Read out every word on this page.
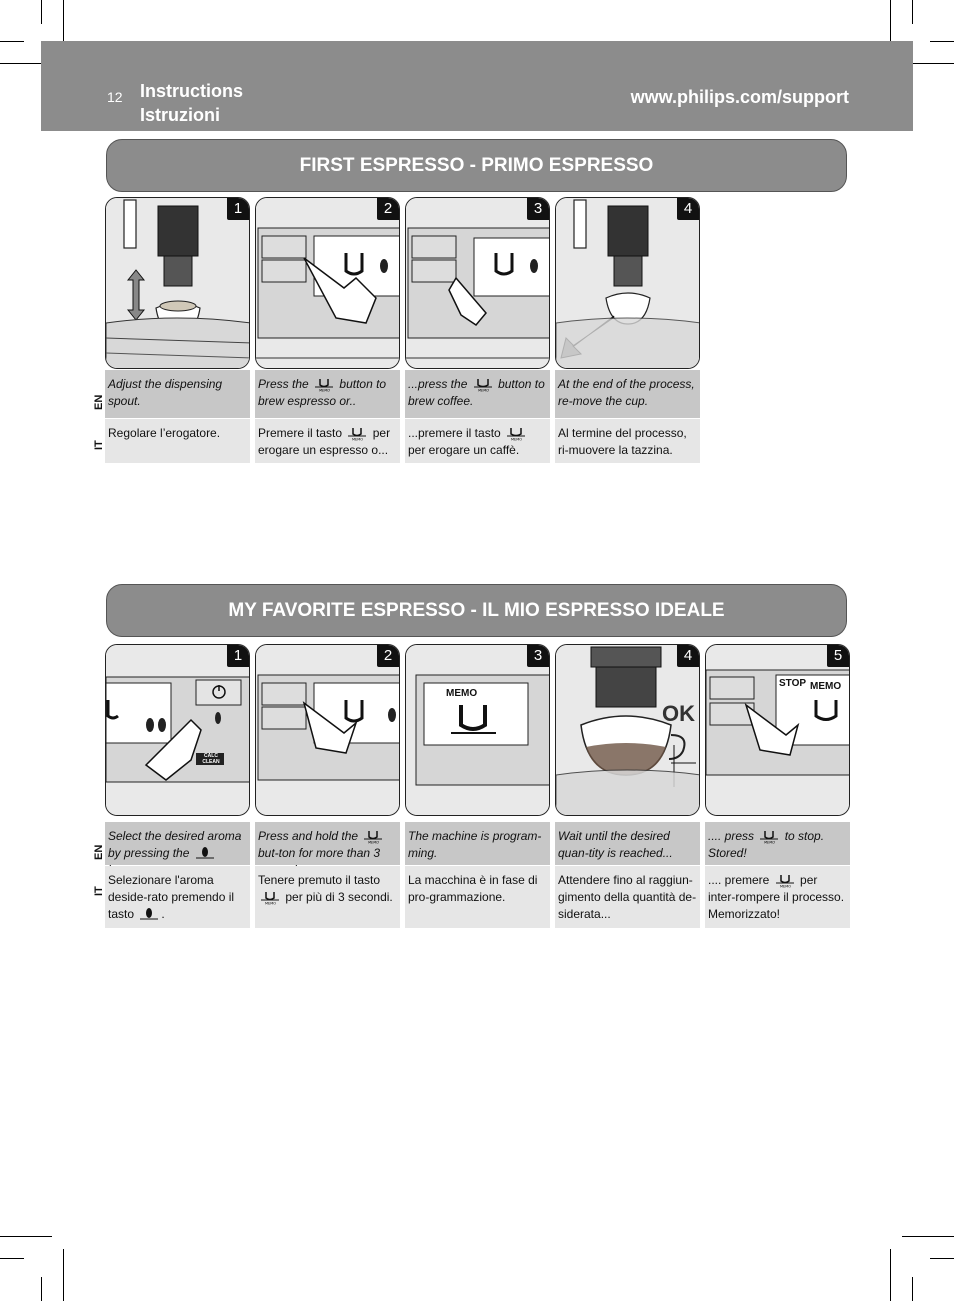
12 Instructions
Istruzioni
www.philips.com/support
FIRST ESPRESSO - PRIMO ESPRESSO
1	2	3	4
EN
IT
Adjust the dispensing spout.
Regolare l’erogatore.
Press the	MEMO button to brew espresso or..
Premere il tasto	MEMO per erogare un espresso o...
...press the	MEMO button to brew coffee.
...premere il tasto	MEMO
per erogare un caffè.
At the end of the process, re-move the cup.
Al termine del processo, ri-muovere la tazzina.
MY FAVORITE ESPRESSO - IL MIO ESPRESSO IDEALE
CALC CLEAN
1	2
MEMO
3
OK
4
STOP MEMO
5
EN
IT
Select the desired aroma by pressing the
Selezionare l'aroma deside-rato premendo il tasto .
Press and hold the	MEMO
but-ton for more than 3
Tenere premuto il tasto
MEMO per più di 3 secondi.
The machine is program-ming.
La macchina è in fase di pro-grammazione.
Wait until the desired quan-tity is reached...
Attendere fino al raggiun-gimento della quantità de-siderata...
.... press	MEMO to stop. Stored!
.... premere	MEMO per inter-rompere il processo. Memorizzato!
